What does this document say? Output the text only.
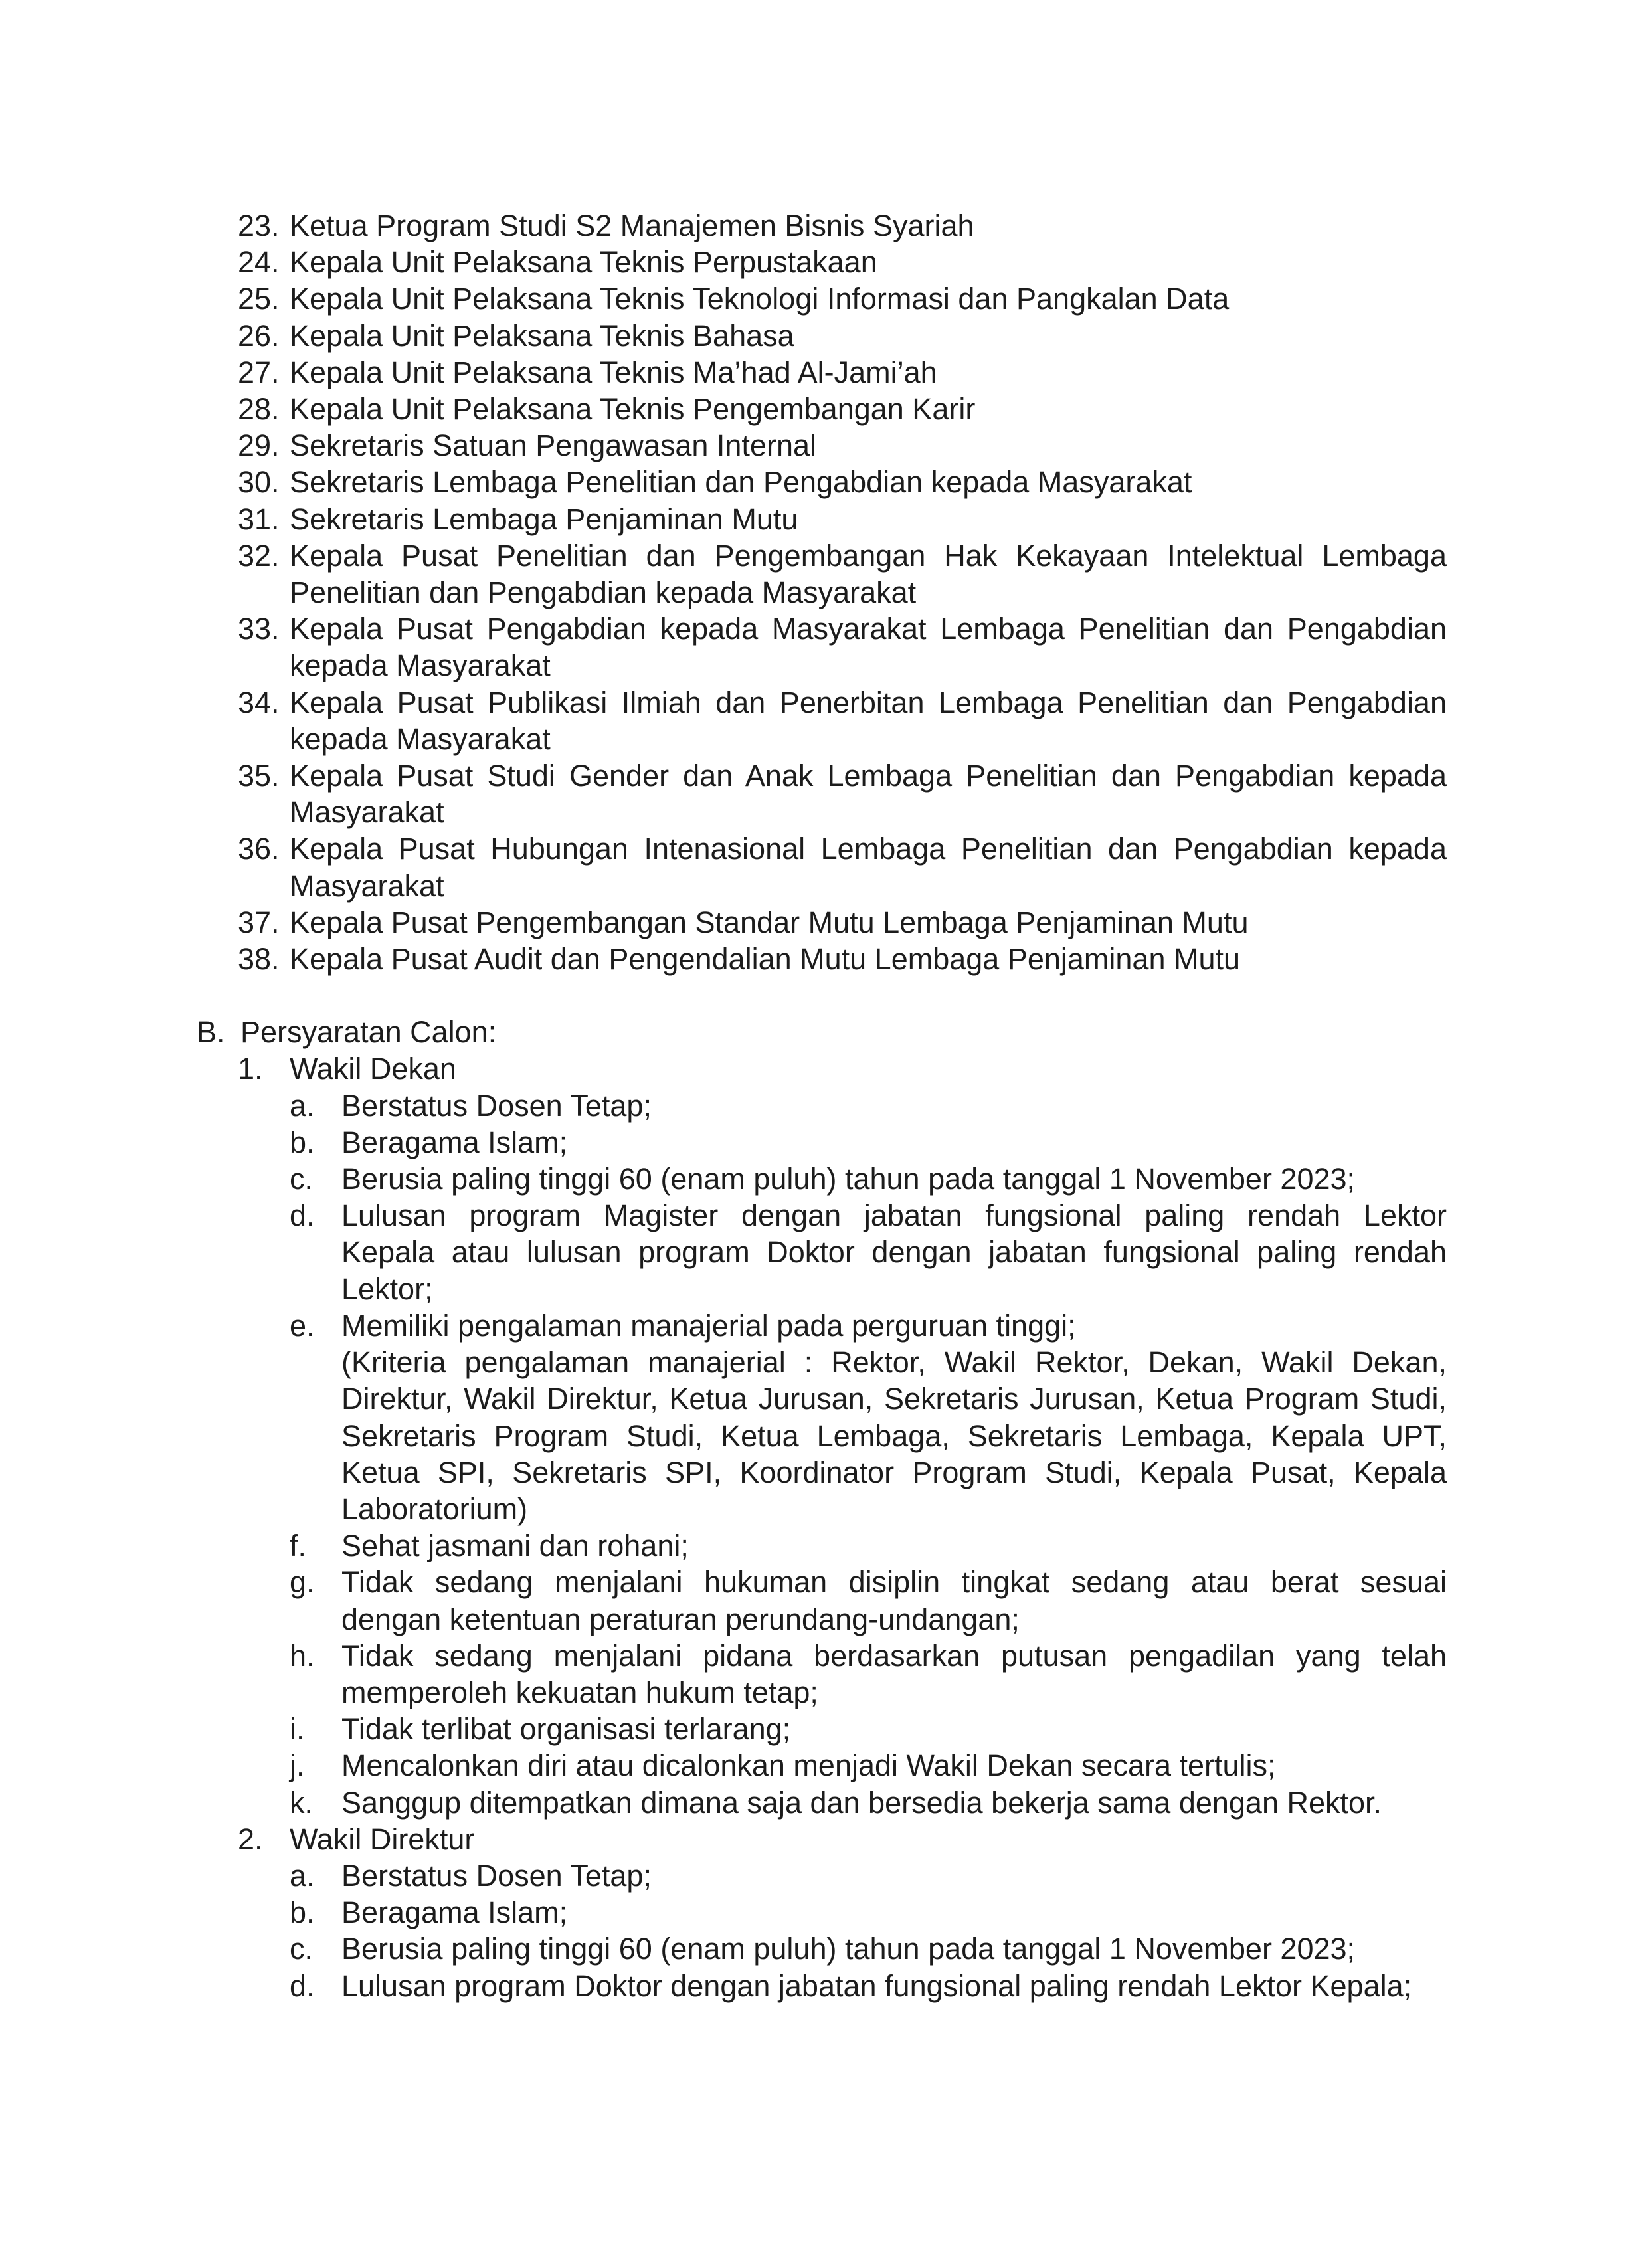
23. Ketua Program Studi S2 Manajemen Bisnis Syariah
24. Kepala Unit Pelaksana Teknis Perpustakaan
25. Kepala Unit Pelaksana Teknis Teknologi Informasi dan Pangkalan Data
26. Kepala Unit Pelaksana Teknis Bahasa
27. Kepala Unit Pelaksana Teknis Ma’had Al-Jami’ah
28. Kepala Unit Pelaksana Teknis Pengembangan Karir
29. Sekretaris Satuan Pengawasan Internal
30. Sekretaris Lembaga Penelitian dan Pengabdian kepada Masyarakat
31. Sekretaris Lembaga Penjaminan Mutu
32. Kepala Pusat Penelitian dan Pengembangan Hak Kekayaan Intelektual Lembaga
Penelitian dan Pengabdian kepada Masyarakat
33. Kepala Pusat Pengabdian kepada Masyarakat Lembaga Penelitian dan Pengabdian
kepada Masyarakat
34. Kepala Pusat Publikasi Ilmiah dan Penerbitan Lembaga Penelitian dan Pengabdian
kepada Masyarakat
35. Kepala Pusat Studi Gender dan Anak Lembaga Penelitian dan Pengabdian kepada
Masyarakat
36. Kepala Pusat Hubungan Intenasional Lembaga Penelitian dan Pengabdian kepada
Masyarakat
37. Kepala Pusat Pengembangan Standar Mutu Lembaga Penjaminan Mutu
38. Kepala Pusat Audit dan Pengendalian Mutu Lembaga Penjaminan Mutu
B. Persyaratan Calon:
1. Wakil Dekan
a. Berstatus Dosen Tetap;
b. Beragama Islam;
c. Berusia paling tinggi 60 (enam puluh) tahun pada tanggal 1 November 2023;
d. Lulusan program Magister dengan jabatan fungsional paling rendah Lektor
Kepala atau lulusan program Doktor dengan jabatan fungsional paling rendah
Lektor;
e. Memiliki pengalaman manajerial pada perguruan tinggi;
(Kriteria pengalaman manajerial : Rektor, Wakil Rektor, Dekan, Wakil Dekan,
Direktur, Wakil Direktur, Ketua Jurusan, Sekretaris Jurusan, Ketua Program Studi,
Sekretaris Program Studi, Ketua Lembaga, Sekretaris Lembaga, Kepala UPT,
Ketua SPI, Sekretaris SPI, Koordinator Program Studi, Kepala Pusat, Kepala
Laboratorium)
f.	Sehat jasmani dan rohani;
g. Tidak sedang menjalani hukuman disiplin tingkat sedang atau berat sesuai
dengan ketentuan peraturan perundang-undangan;
h. Tidak sedang menjalani pidana berdasarkan putusan pengadilan yang telah
memperoleh kekuatan hukum tetap;
i.	Tidak terlibat organisasi terlarang;
j.	Mencalonkan diri atau dicalonkan menjadi Wakil Dekan secara tertulis;
k. Sanggup ditempatkan dimana saja dan bersedia bekerja sama dengan Rektor.
2. Wakil Direktur
a. Berstatus Dosen Tetap;
b. Beragama Islam;
c. Berusia paling tinggi 60 (enam puluh) tahun pada tanggal 1 November 2023;
d. Lulusan program Doktor dengan jabatan fungsional paling rendah Lektor Kepala;
